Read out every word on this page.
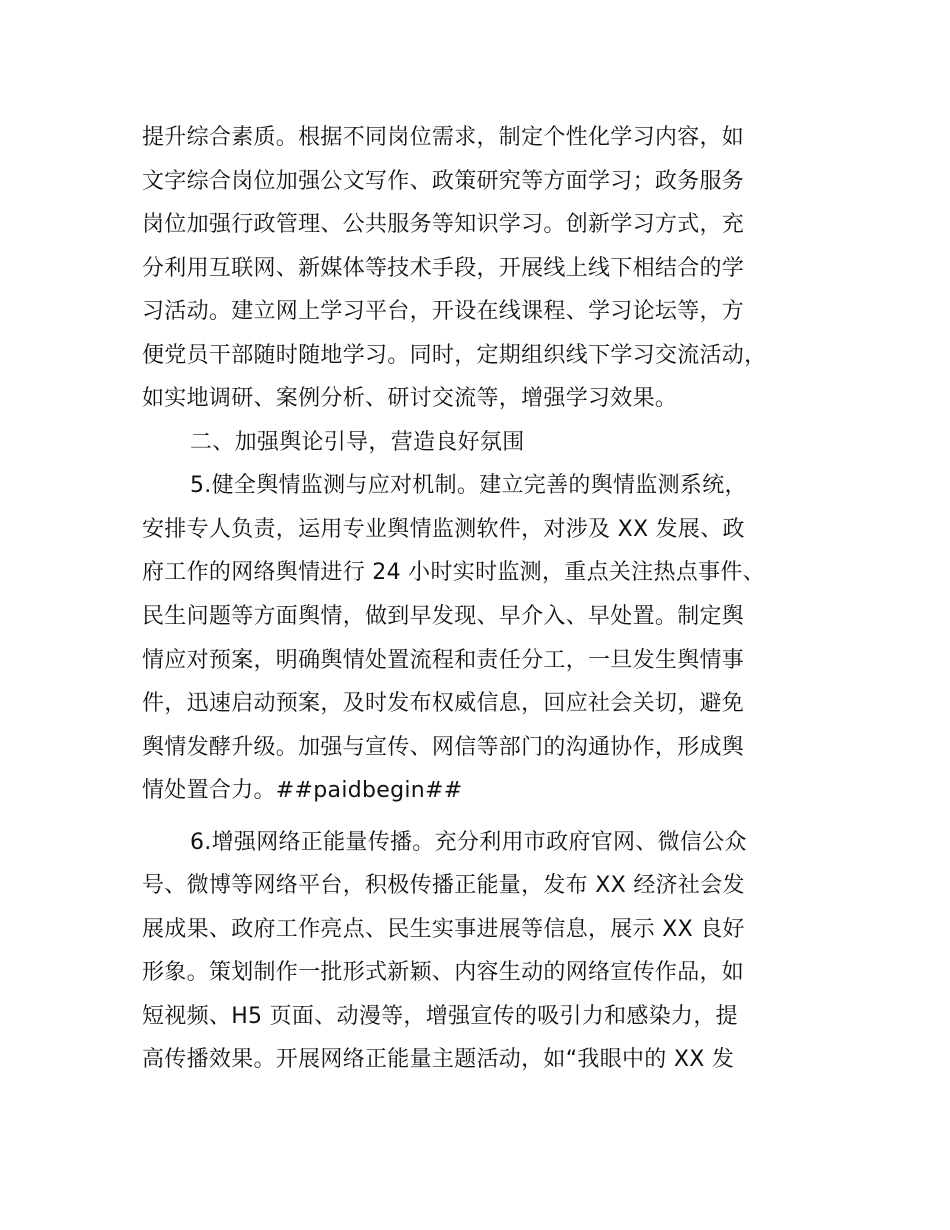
提升综合素质。根据不同岗位需求，制定个性化学习内容，如
文字综合岗位加强公文写作、政策研究等方面学习；政务服务
岗位加强行政管理、公共服务等知识学习。创新学习方式，充
分利用互联网、新媒体等技术手段，开展线上线下相结合的学
习活动。建立网上学习平台，开设在线课程、学习论坛等，方
便党员干部随时随地学习。同时，定期组织线下学习交流活动，
如实地调研、案例分析、研讨交流等，增强学习效果。
二、加强舆论引导，营造良好氛围
5.健全舆情监测与应对机制。建立完善的舆情监测系统，
安排专人负责，运用专业舆情监测软件，对涉及 XX 发展、政
府工作的网络舆情进行 24 小时实时监测，重点关注热点事件、
民生问题等方面舆情，做到早发现、早介入、早处置。制定舆
情应对预案，明确舆情处置流程和责任分工，一旦发生舆情事
件，迅速启动预案，及时发布权威信息，回应社会关切，避免
舆情发酵升级。加强与宣传、网信等部门的沟通协作，形成舆
情处置合力。##paidbegin##
6.增强网络正能量传播。充分利用市政府官网、微信公众
号、微博等网络平台，积极传播正能量，发布 XX 经济社会发
展成果、政府工作亮点、民生实事进展等信息，展示 XX 良好
形象。策划制作一批形式新颖、内容生动的网络宣传作品，如
短视频、H5 页面、动漫等，增强宣传的吸引力和感染力，提
高传播效果。开展网络正能量主题活动，如“我眼中的 XX 发
